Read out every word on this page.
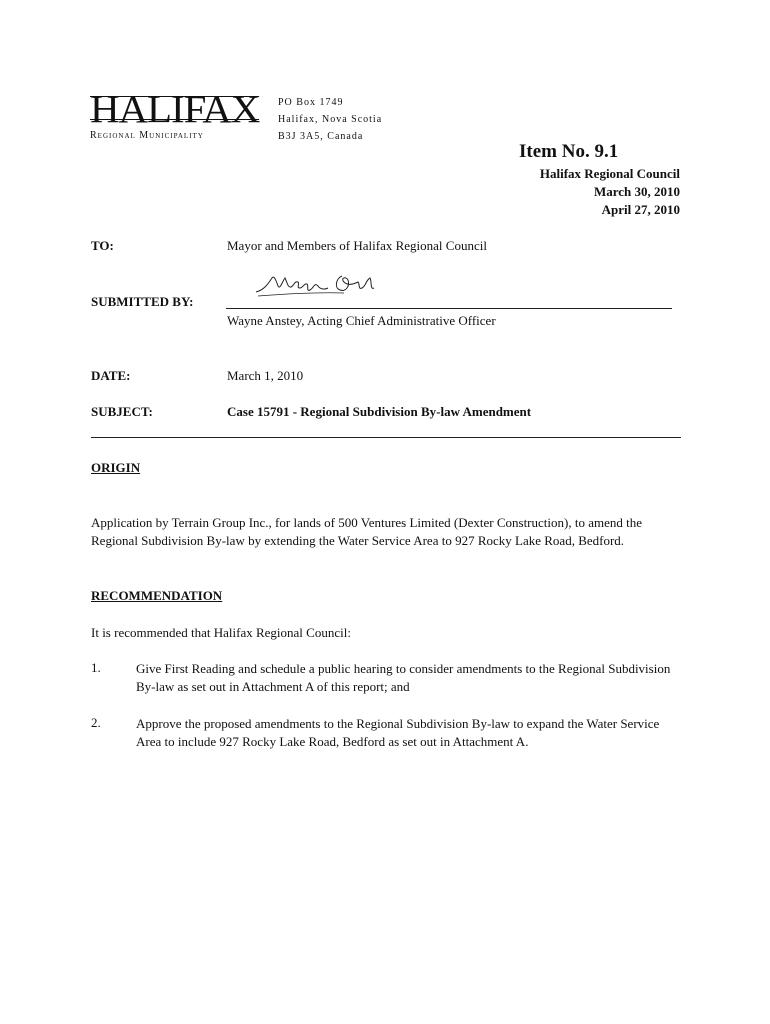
HALIFAX
Regional Municipality
PO Box 1749
Halifax, Nova Scotia
B3J 3A5, Canada
Item No. 9.1
Halifax Regional Council
March 30, 2010
April 27, 2010
TO:	Mayor and Members of Halifax Regional Council
SUBMITTED BY:
Wayne Anstey, Acting Chief Administrative Officer
DATE:	March 1, 2010
SUBJECT:	Case 15791 - Regional Subdivision By-law Amendment
ORIGIN
Application by Terrain Group Inc., for lands of 500 Ventures Limited (Dexter Construction), to amend the Regional Subdivision By-law by extending the Water Service Area to 927 Rocky Lake Road, Bedford.
RECOMMENDATION
It is recommended that Halifax Regional Council:
1.	Give First Reading and schedule a public hearing to consider amendments to the Regional Subdivision By-law as set out in Attachment A of this report; and
2.	Approve the proposed amendments to the Regional Subdivision By-law to expand the Water Service Area to include 927 Rocky Lake Road, Bedford as set out in Attachment A.
